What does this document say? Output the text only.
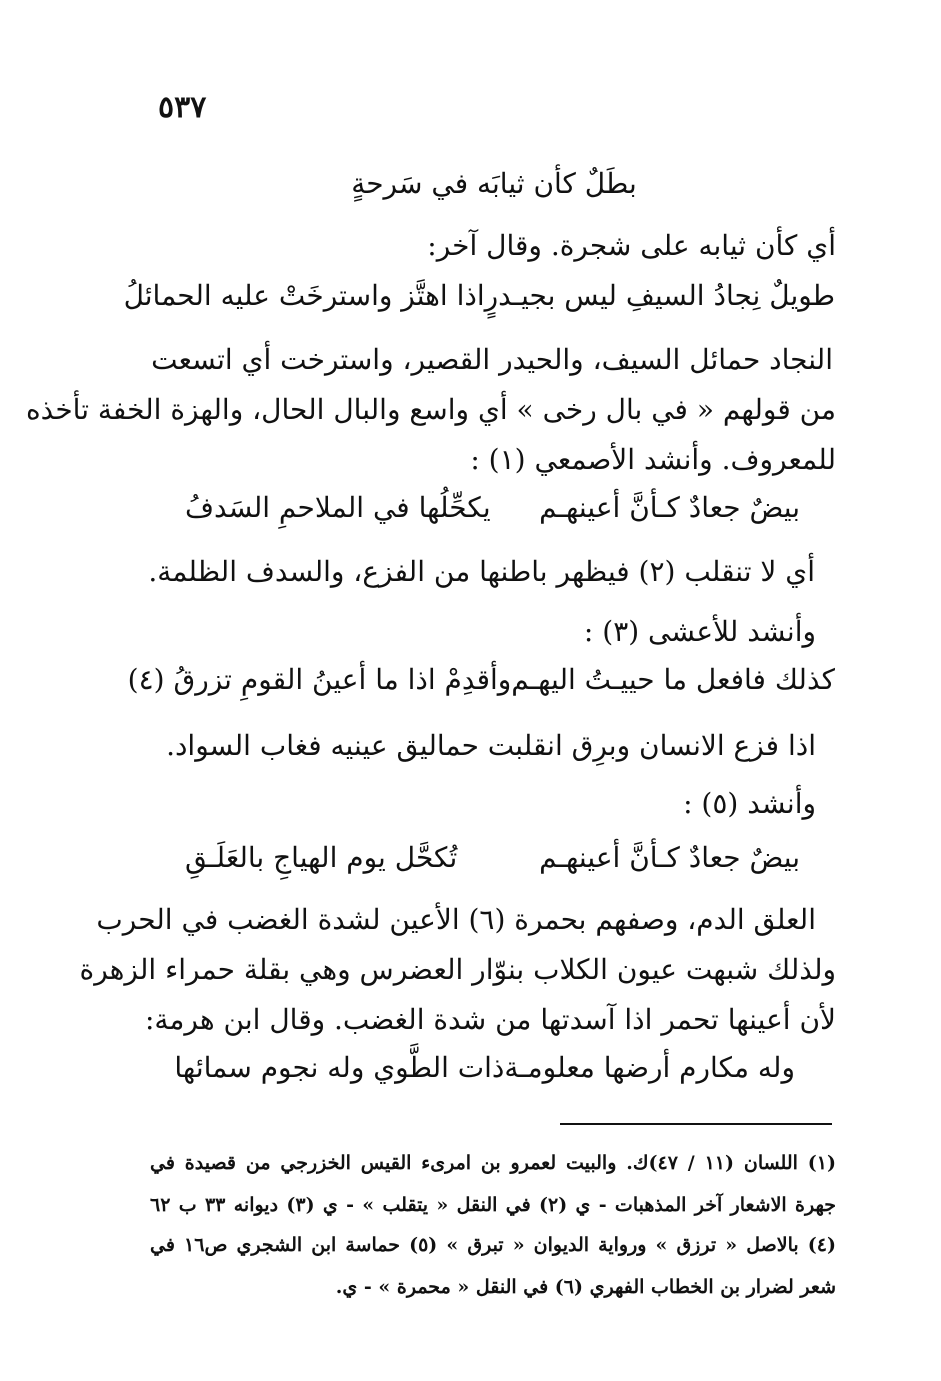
٥٣٧
بطَلٌ كأن ثيابَه في سَرحةٍ
أي كأن ثيابه على شجرة. وقال آخر:
طويلٌ نِجادُ السيفِ ليس بجيـدرٍ
اذا اهتَّز واسترخَتْ عليه الحمائلُ
النجاد حمائل السيف، والحيدر القصير، واسترخت أي اتسعت
من قولهم « في بال رخى » أي واسع والبال الحال، والهزة الخفة تأخذه
للمعروف. وأنشد الأصمعي (١) :
بيضٌ جعادٌ كـأنَّ أعينهـم
يكحِّلُها في الملاحمِ السَدفُ
أي لا تنقلب (٢) فيظهر باطنها من الفزع، والسدف الظلمة.
وأنشد للأعشى (٣) :
كذلك فافعل ما حييـتُ اليهـم
وأقدِمْ اذا ما أعينُ القومِ تزرقُ (٤)
اذا فزع الانسان وبرِق انقلبت حماليق عينيه فغاب السواد.
وأنشد (٥) :
بيضٌ جعادٌ كـأنَّ أعينهـم
تُكحَّل يوم الهياجِ بالعَلَـقِ
العلق الدم، وصفهم بحمرة (٦) الأعين لشدة الغضب في الحرب
ولذلك شبهت عيون الكلاب بنوّار العضرس وهي بقلة حمراء الزهرة
لأن أعينها تحمر اذا آسدتها من شدة الغضب. وقال ابن هرمة:
وله مكارم أرضها معلومـة
ذات الطَّوي وله نجوم سمائها
(١) اللسان (١١ / ٤٧)ك. والبيت لعمرو بن امرىء القيس الخزرجي من قصيدة في
جهرة الاشعار آخر المذهبات - ي (٢) في النقل « يتقلب » - ي (٣) ديوانه ٣٣ ب ٦٢
(٤) بالاصل « ترزق » ورواية الديوان « تبرق » (٥) حماسة ابن الشجري ص١٦ في
شعر لضرار بن الخطاب الفهري (٦) في النقل « محمرة » - ي.
